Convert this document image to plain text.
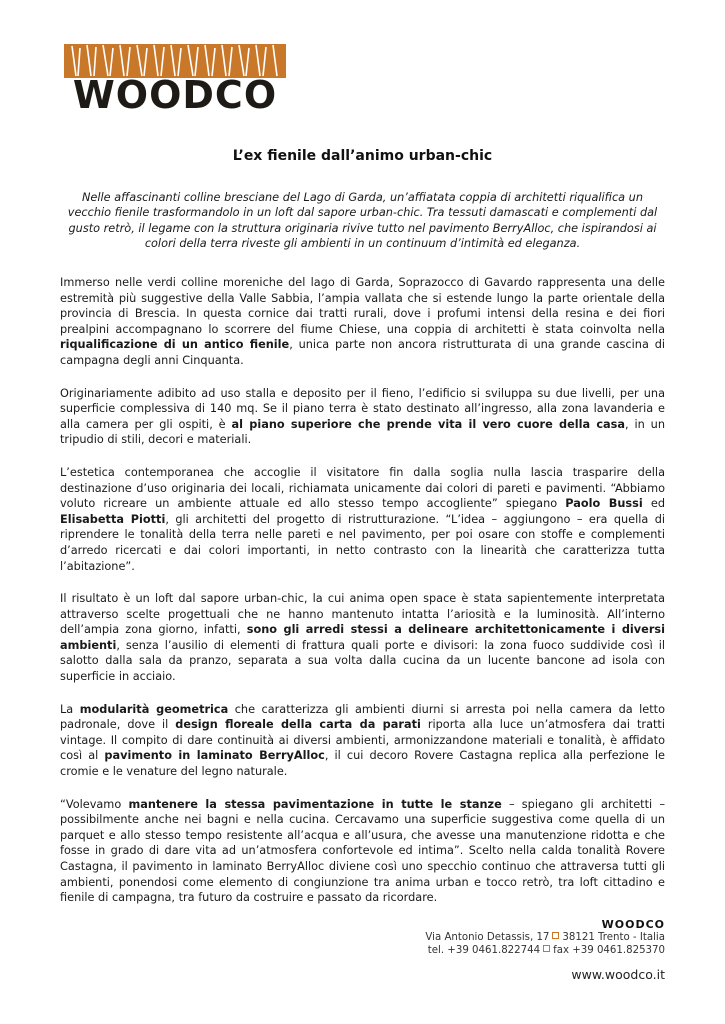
WOODCO
L’ex fienile dall’animo urban-chic

Nelle affascinanti colline bresciane del Lago di Garda, un’affiatata coppia di architetti riqualifica un vecchio fienile trasformandolo in un loft dal sapore urban-chic. Tra tessuti damascati e complementi dal gusto retrò, il legame con la struttura originaria rivive tutto nel pavimento BerryAlloc, che ispirandosi ai colori della terra riveste gli ambienti in un continuum d’intimità ed eleganza.

Immerso nelle verdi colline moreniche del lago di Garda, Soprazocco di Gavardo rappresenta una delle estremità più suggestive della Valle Sabbia, l’ampia vallata che si estende lungo la parte orientale della provincia di Brescia. In questa cornice dai tratti rurali, dove i profumi intensi della resina e dei fiori prealpini accompagnano lo scorrere del fiume Chiese, una coppia di architetti è stata coinvolta nella riqualificazione di un antico fienile, unica parte non ancora ristrutturata di una grande cascina di campagna degli anni Cinquanta.

Originariamente adibito ad uso stalla e deposito per il fieno, l’edificio si sviluppa su due livelli, per una superficie complessiva di 140 mq. Se il piano terra è stato destinato all’ingresso, alla zona lavanderia e alla camera per gli ospiti, è al piano superiore che prende vita il vero cuore della casa, in un tripudio di stili, decori e materiali.

L’estetica contemporanea che accoglie il visitatore fin dalla soglia nulla lascia trasparire della destinazione d’uso originaria dei locali, richiamata unicamente dai colori di pareti e pavimenti. “Abbiamo voluto ricreare un ambiente attuale ed allo stesso tempo accogliente” spiegano Paolo Bussi ed Elisabetta Piotti, gli architetti del progetto di ristrutturazione. “L’idea – aggiungono – era quella di riprendere le tonalità della terra nelle pareti e nel pavimento, per poi osare con stoffe e complementi d’arredo ricercati e dai colori importanti, in netto contrasto con la linearità che caratterizza tutta l’abitazione”.

Il risultato è un loft dal sapore urban-chic, la cui anima open space è stata sapientemente interpretata attraverso scelte progettuali che ne hanno mantenuto intatta l’ariosità e la luminosità. All’interno dell’ampia zona giorno, infatti, sono gli arredi stessi a delineare architettonicamente i diversi ambienti, senza l’ausilio di elementi di frattura quali porte e divisori: la zona fuoco suddivide così il salotto dalla sala da pranzo, separata a sua volta dalla cucina da un lucente bancone ad isola con superficie in acciaio.

La modularità geometrica che caratterizza gli ambienti diurni si arresta poi nella camera da letto padronale, dove il design floreale della carta da parati riporta alla luce un’atmosfera dai tratti vintage. Il compito di dare continuità ai diversi ambienti, armonizzandone materiali e tonalità, è affidato così al pavimento in laminato BerryAlloc, il cui decoro Rovere Castagna replica alla perfezione le cromie e le venature del legno naturale.

“Volevamo mantenere la stessa pavimentazione in tutte le stanze – spiegano gli architetti – possibilmente anche nei bagni e nella cucina. Cercavamo una superficie suggestiva come quella di un parquet e allo stesso tempo resistente all’acqua e all’usura, che avesse una manutenzione ridotta e che fosse in grado di dare vita ad un’atmosfera confortevole ed intima”. Scelto nella calda tonalità Rovere Castagna, il pavimento in laminato BerryAlloc diviene così uno specchio continuo che attraversa tutti gli ambienti, ponendosi come elemento di congiunzione tra anima urban e tocco retrò, tra loft cittadino e fienile di campagna, tra futuro da costruire e passato da ricordare.

WOODCO
Via Antonio Detassis, 17 38121 Trento - Italia
tel. +39 0461.822744 fax +39 0461.825370
www.woodco.it
